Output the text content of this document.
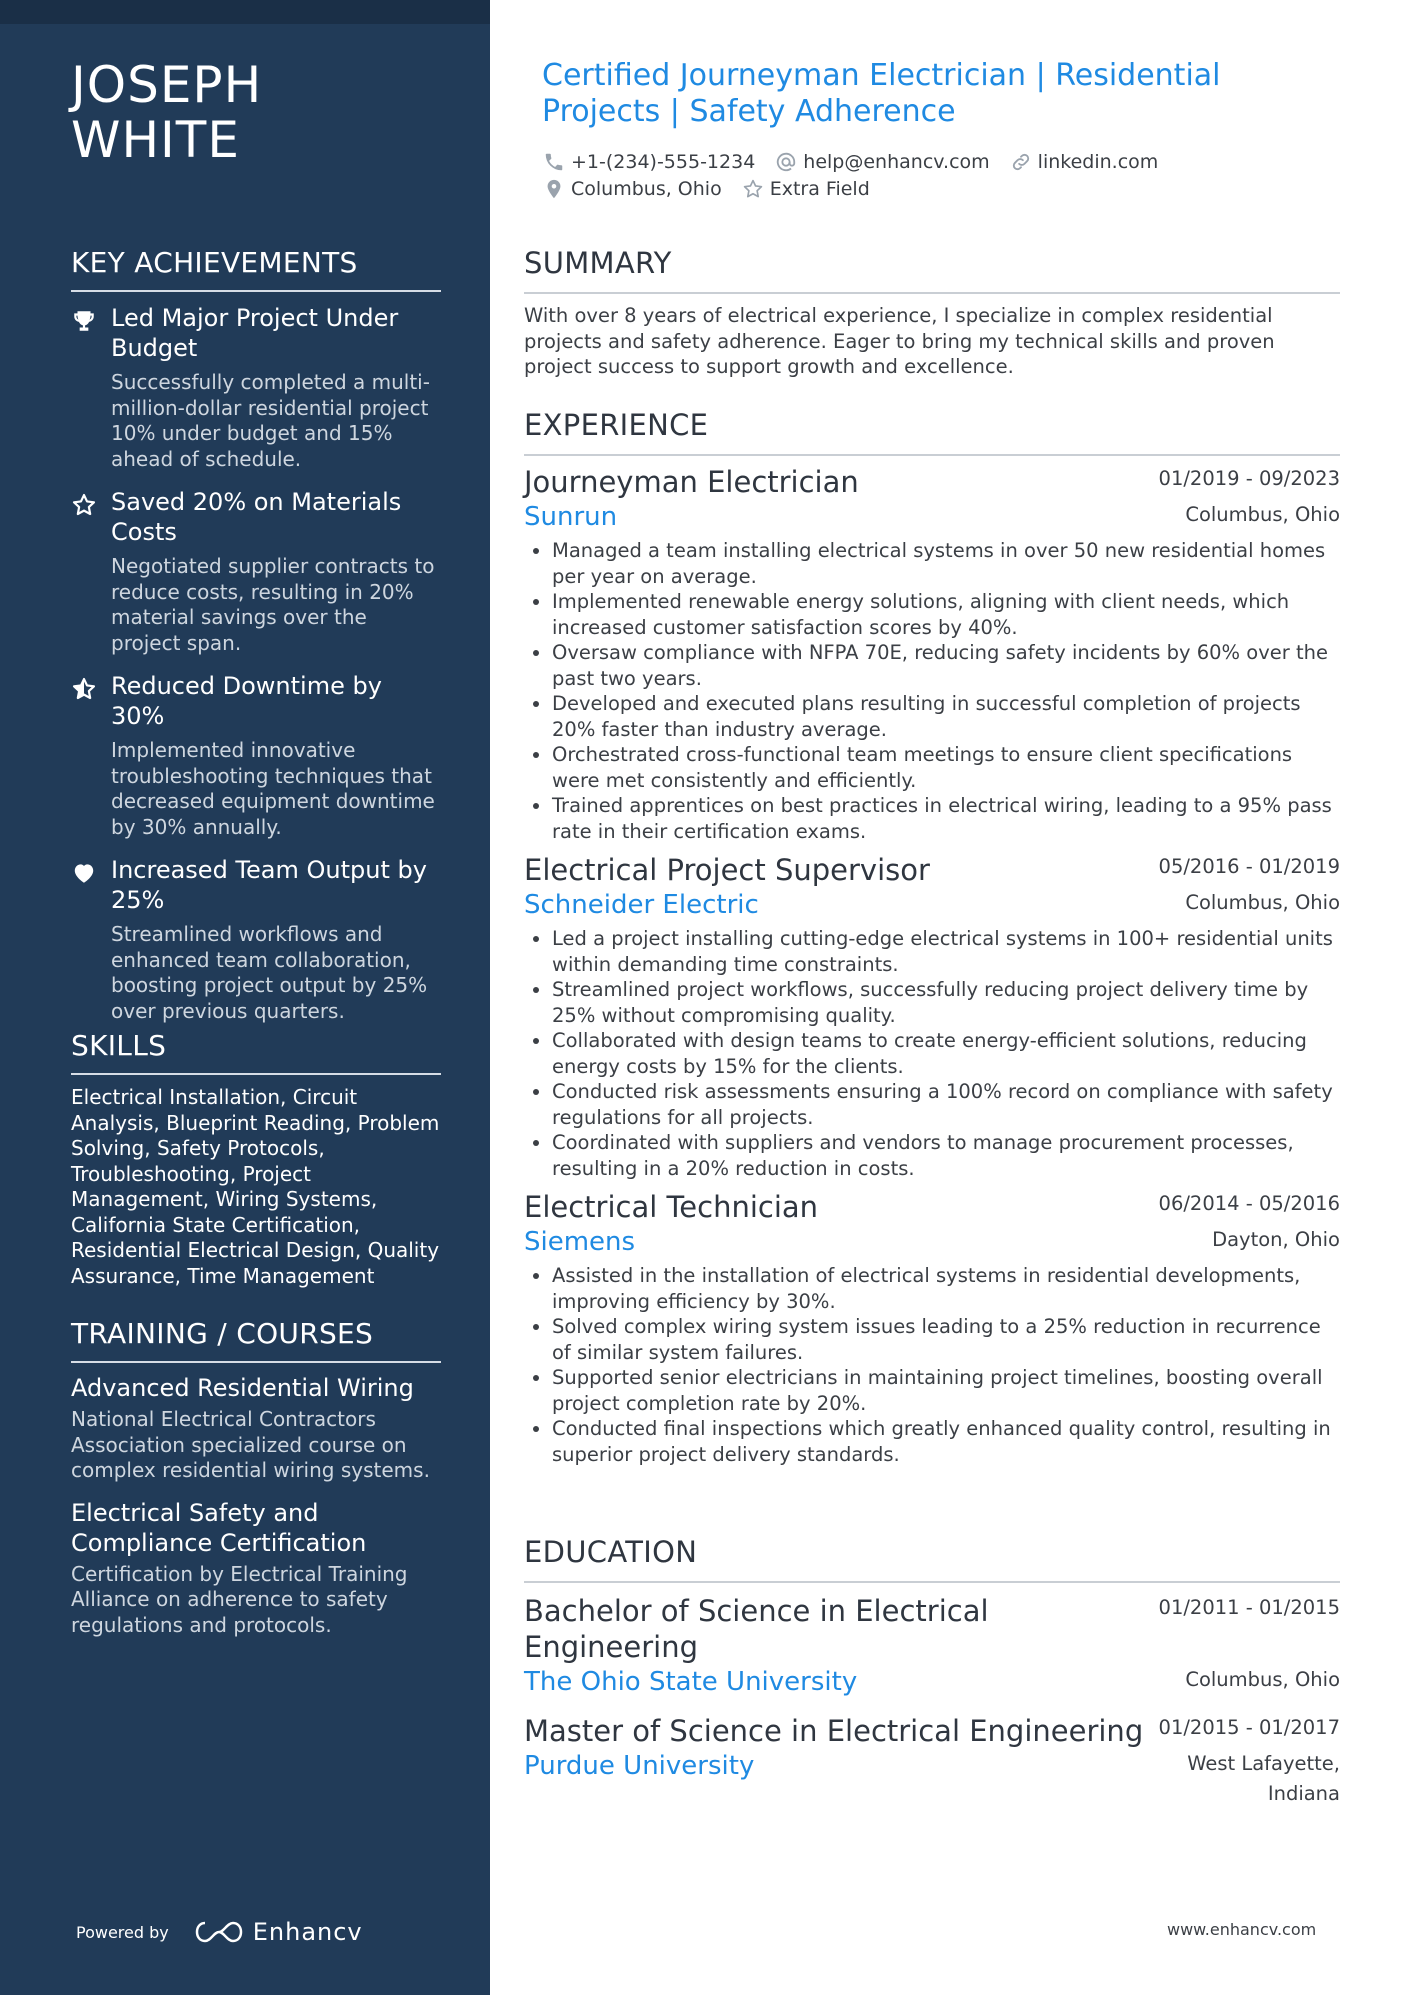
JOSEPH
WHITE
KEY ACHIEVEMENTS
Led Major Project Under Budget
Successfully completed a multi-million-dollar residential project 10% under budget and 15% ahead of schedule.
Saved 20% on Materials Costs
Negotiated supplier contracts to reduce costs, resulting in 20% material savings over the project span.
Reduced Downtime by 30%
Implemented innovative troubleshooting techniques that decreased equipment downtime by 30% annually.
Increased Team Output by 25%
Streamlined workflows and enhanced team collaboration, boosting project output by 25% over previous quarters.
SKILLS
Electrical Installation, Circuit Analysis, Blueprint Reading, Problem Solving, Safety Protocols, Troubleshooting, Project Management, Wiring Systems, California State Certification, Residential Electrical Design, Quality Assurance, Time Management
TRAINING / COURSES
Advanced Residential Wiring
National Electrical Contractors Association specialized course on complex residential wiring systems.
Electrical Safety and Compliance Certification
Certification by Electrical Training Alliance on adherence to safety regulations and protocols.
Powered by	Enhancv
Certified Journeyman Electrician | Residential Projects | Safety Adherence
+1-(234)-555-1234	help@enhancv.com	linkedin.com
Columbus, Ohio	Extra Field
SUMMARY
With over 8 years of electrical experience, I specialize in complex residential projects and safety adherence. Eager to bring my technical skills and proven project success to support growth and excellence.
EXPERIENCE
Journeyman Electrician	01/2019 - 09/2023
Sunrun	Columbus, Ohio
• Managed a team installing electrical systems in over 50 new residential homes per year on average.
• Implemented renewable energy solutions, aligning with client needs, which increased customer satisfaction scores by 40%.
• Oversaw compliance with NFPA 70E, reducing safety incidents by 60% over the past two years.
• Developed and executed plans resulting in successful completion of projects 20% faster than industry average.
• Orchestrated cross-functional team meetings to ensure client specifications were met consistently and efficiently.
• Trained apprentices on best practices in electrical wiring, leading to a 95% pass rate in their certification exams.
Electrical Project Supervisor	05/2016 - 01/2019
Schneider Electric	Columbus, Ohio
• Led a project installing cutting-edge electrical systems in 100+ residential units within demanding time constraints.
• Streamlined project workflows, successfully reducing project delivery time by 25% without compromising quality.
• Collaborated with design teams to create energy-efficient solutions, reducing energy costs by 15% for the clients.
• Conducted risk assessments ensuring a 100% record on compliance with safety regulations for all projects.
• Coordinated with suppliers and vendors to manage procurement processes, resulting in a 20% reduction in costs.
Electrical Technician	06/2014 - 05/2016
Siemens	Dayton, Ohio
• Assisted in the installation of electrical systems in residential developments, improving efficiency by 30%.
• Solved complex wiring system issues leading to a 25% reduction in recurrence of similar system failures.
• Supported senior electricians in maintaining project timelines, boosting overall project completion rate by 20%.
• Conducted final inspections which greatly enhanced quality control, resulting in superior project delivery standards.
EDUCATION
Bachelor of Science in Electrical Engineering
01/2011 - 01/2015
The Ohio State University	Columbus, Ohio
Master of Science in Electrical Engineering 01/2015 - 01/2017
Purdue University	West Lafayette, Indiana
www.enhancv.com
